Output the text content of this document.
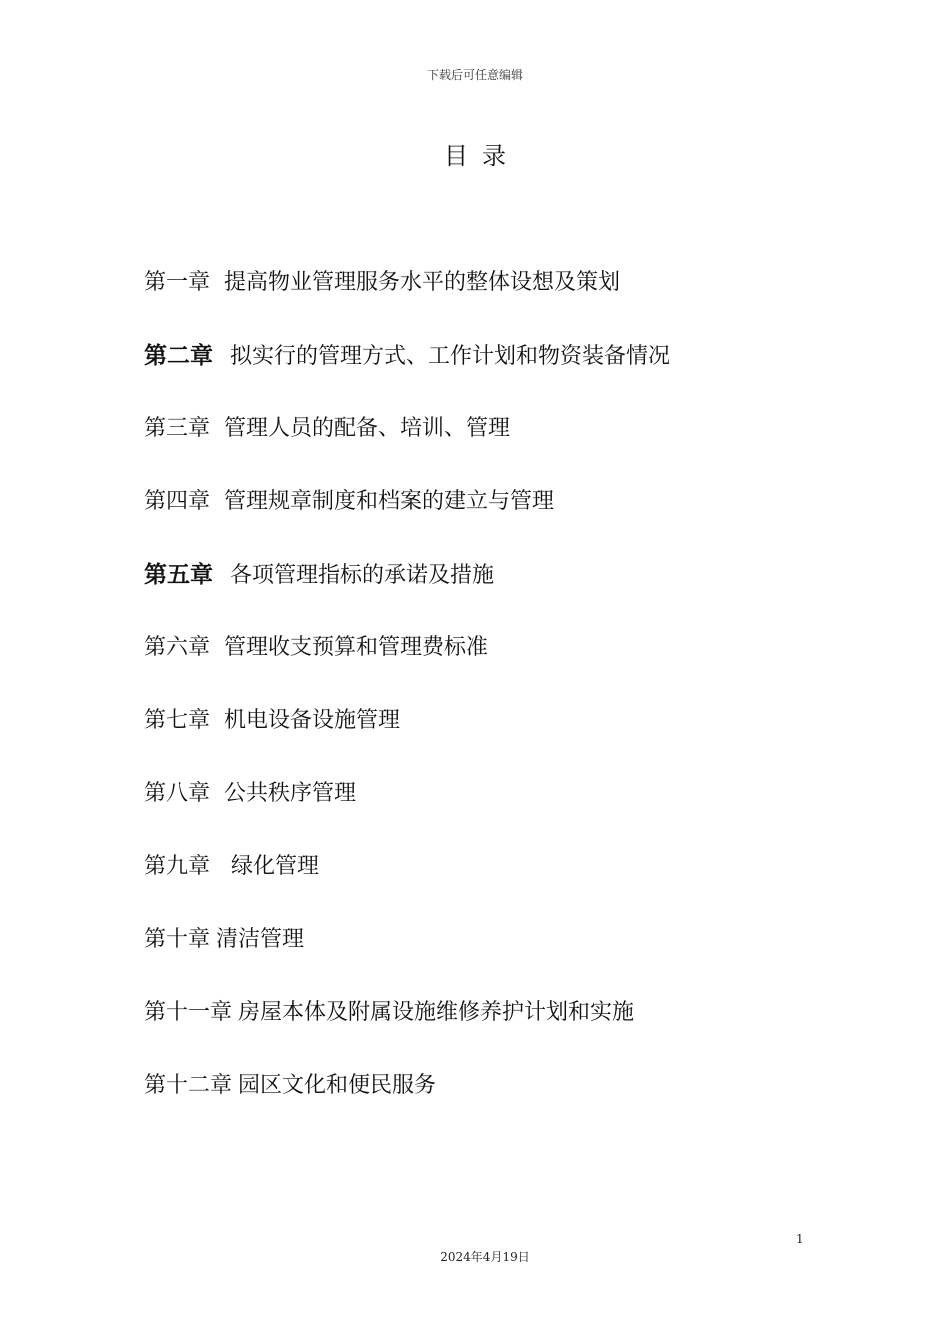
下载后可任意编辑
目录
第一章 提高物业管理服务水平的整体设想及策划
第二章 拟实行的管理方式、工作计划和物资装备情况
第三章 管理人员的配备、培训、管理
第四章 管理规章制度和档案的建立与管理
第五章 各项管理指标的承诺及措施
第六章 管理收支预算和管理费标准
第七章 机电设备设施管理
第八章 公共秩序管理
第九章 绿化管理
第十章 清洁管理
第十一章 房屋本体及附属设施维修养护计划和实施
第十二章 园区文化和便民服务
1
2024年4月19日
